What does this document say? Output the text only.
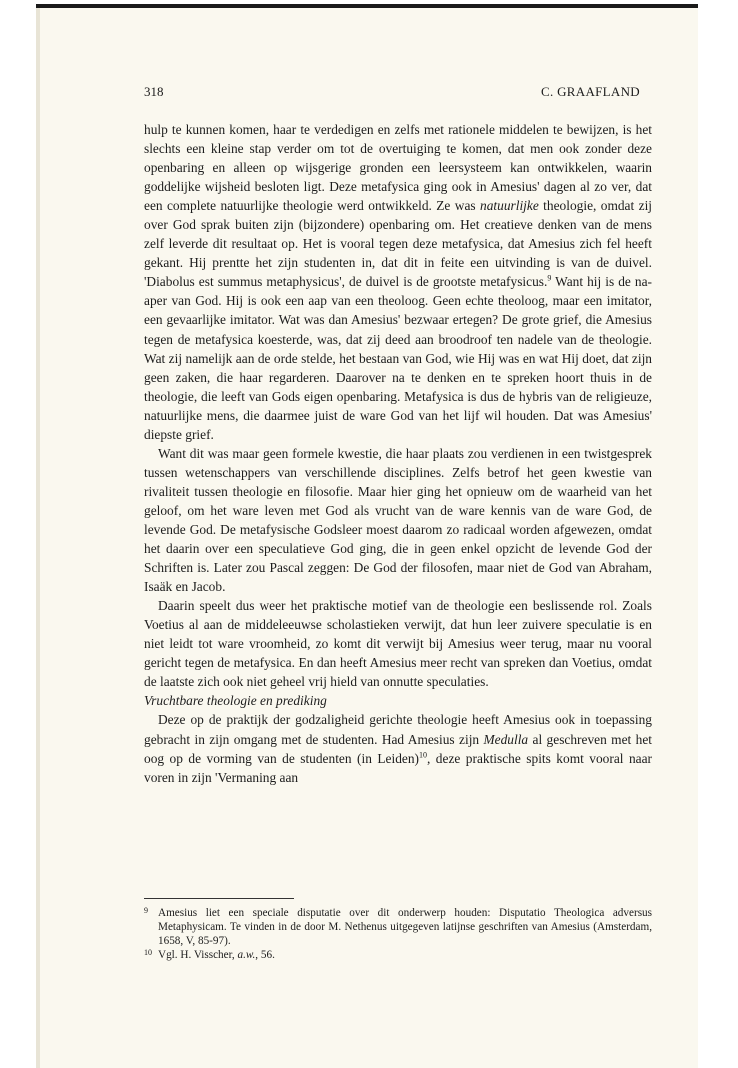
318	C. GRAAFLAND

hulp te kunnen komen, haar te verdedigen en zelfs met rationele middelen te bewijzen, is het slechts een kleine stap verder om tot de overtuiging te komen, dat men ook zonder deze openbaring en alleen op wijsgerige gronden een leersysteem kan ontwikkelen, waarin goddelijke wijsheid besloten ligt. Deze metafysica ging ook in Amesius' dagen al zo ver, dat een complete natuurlijke theologie werd ontwikkeld. Ze was natuurlijke theologie, omdat zij over God sprak buiten zijn (bijzondere) openbaring om. Het creatieve denken van de mens zelf leverde dit resultaat op. Het is vooral tegen deze metafysica, dat Amesius zich fel heeft gekant. Hij prentte het zijn studenten in, dat dit in feite een uitvinding is van de duivel. 'Diabolus est summus metaphysicus', de duivel is de grootste metafysicus.$^9$ Want hij is de na-aper van God. Hij is ook een aap van een theoloog. Geen echte theoloog, maar een imitator, een gevaarlijke imitator. Wat was dan Amesius' bezwaar ertegen? De grote grief, die Amesius tegen de metafysica koesterde, was, dat zij deed aan broodroof ten nadele van de theologie. Wat zij namelijk aan de orde stelde, het bestaan van God, wie Hij was en wat Hij doet, dat zijn geen zaken, die haar regarderen. Daarover na te denken en te spreken hoort thuis in de theologie, die leeft van Gods eigen openbaring. Metafysica is dus de hybris van de religieuze, natuurlijke mens, die daarmee juist de ware God van het lijf wil houden. Dat was Amesius' diepste grief.

Want dit was maar geen formele kwestie, die haar plaats zou verdienen in een twistgesprek tussen wetenschappers van verschillende disciplines. Zelfs betrof het geen kwestie van rivaliteit tussen theologie en filosofie. Maar hier ging het opnieuw om de waarheid van het geloof, om het ware leven met God als vrucht van de ware kennis van de ware God, de levende God. De metafysische Godsleer moest daarom zo radicaal worden afgewezen, omdat het daarin over een speculatieve God ging, die in geen enkel opzicht de levende God der Schriften is. Later zou Pascal zeggen: De God der filosofen, maar niet de God van Abraham, Isaäk en Jacob.

Daarin speelt dus weer het praktische motief van de theologie een beslissende rol. Zoals Voetius al aan de middeleeuwse scholastieken verwijt, dat hun leer zuivere speculatie is en niet leidt tot ware vroomheid, zo komt dit verwijt bij Amesius weer terug, maar nu vooral gericht tegen de metafysica. En dan heeft Amesius meer recht van spreken dan Voetius, omdat de laatste zich ook niet geheel vrij hield van onnutte speculaties.

Vruchtbare theologie en prediking

Deze op de praktijk der godzaligheid gerichte theologie heeft Amesius ook in toepassing gebracht in zijn omgang met de studenten. Had Amesius zijn Medulla al geschreven met het oog op de vorming van de studenten (in Leiden)$^{10}$, deze praktische spits komt vooral naar voren in zijn 'Vermaning aan

9 Amesius liet een speciale disputatie over dit onderwerp houden: Disputatio Theologica adversus Metaphysicam. Te vinden in de door M. Nethenus uitgegeven latijnse geschriften van Amesius (Amsterdam, 1658, V, 85-97).
10 Vgl. H. Visscher, a.w., 56.
